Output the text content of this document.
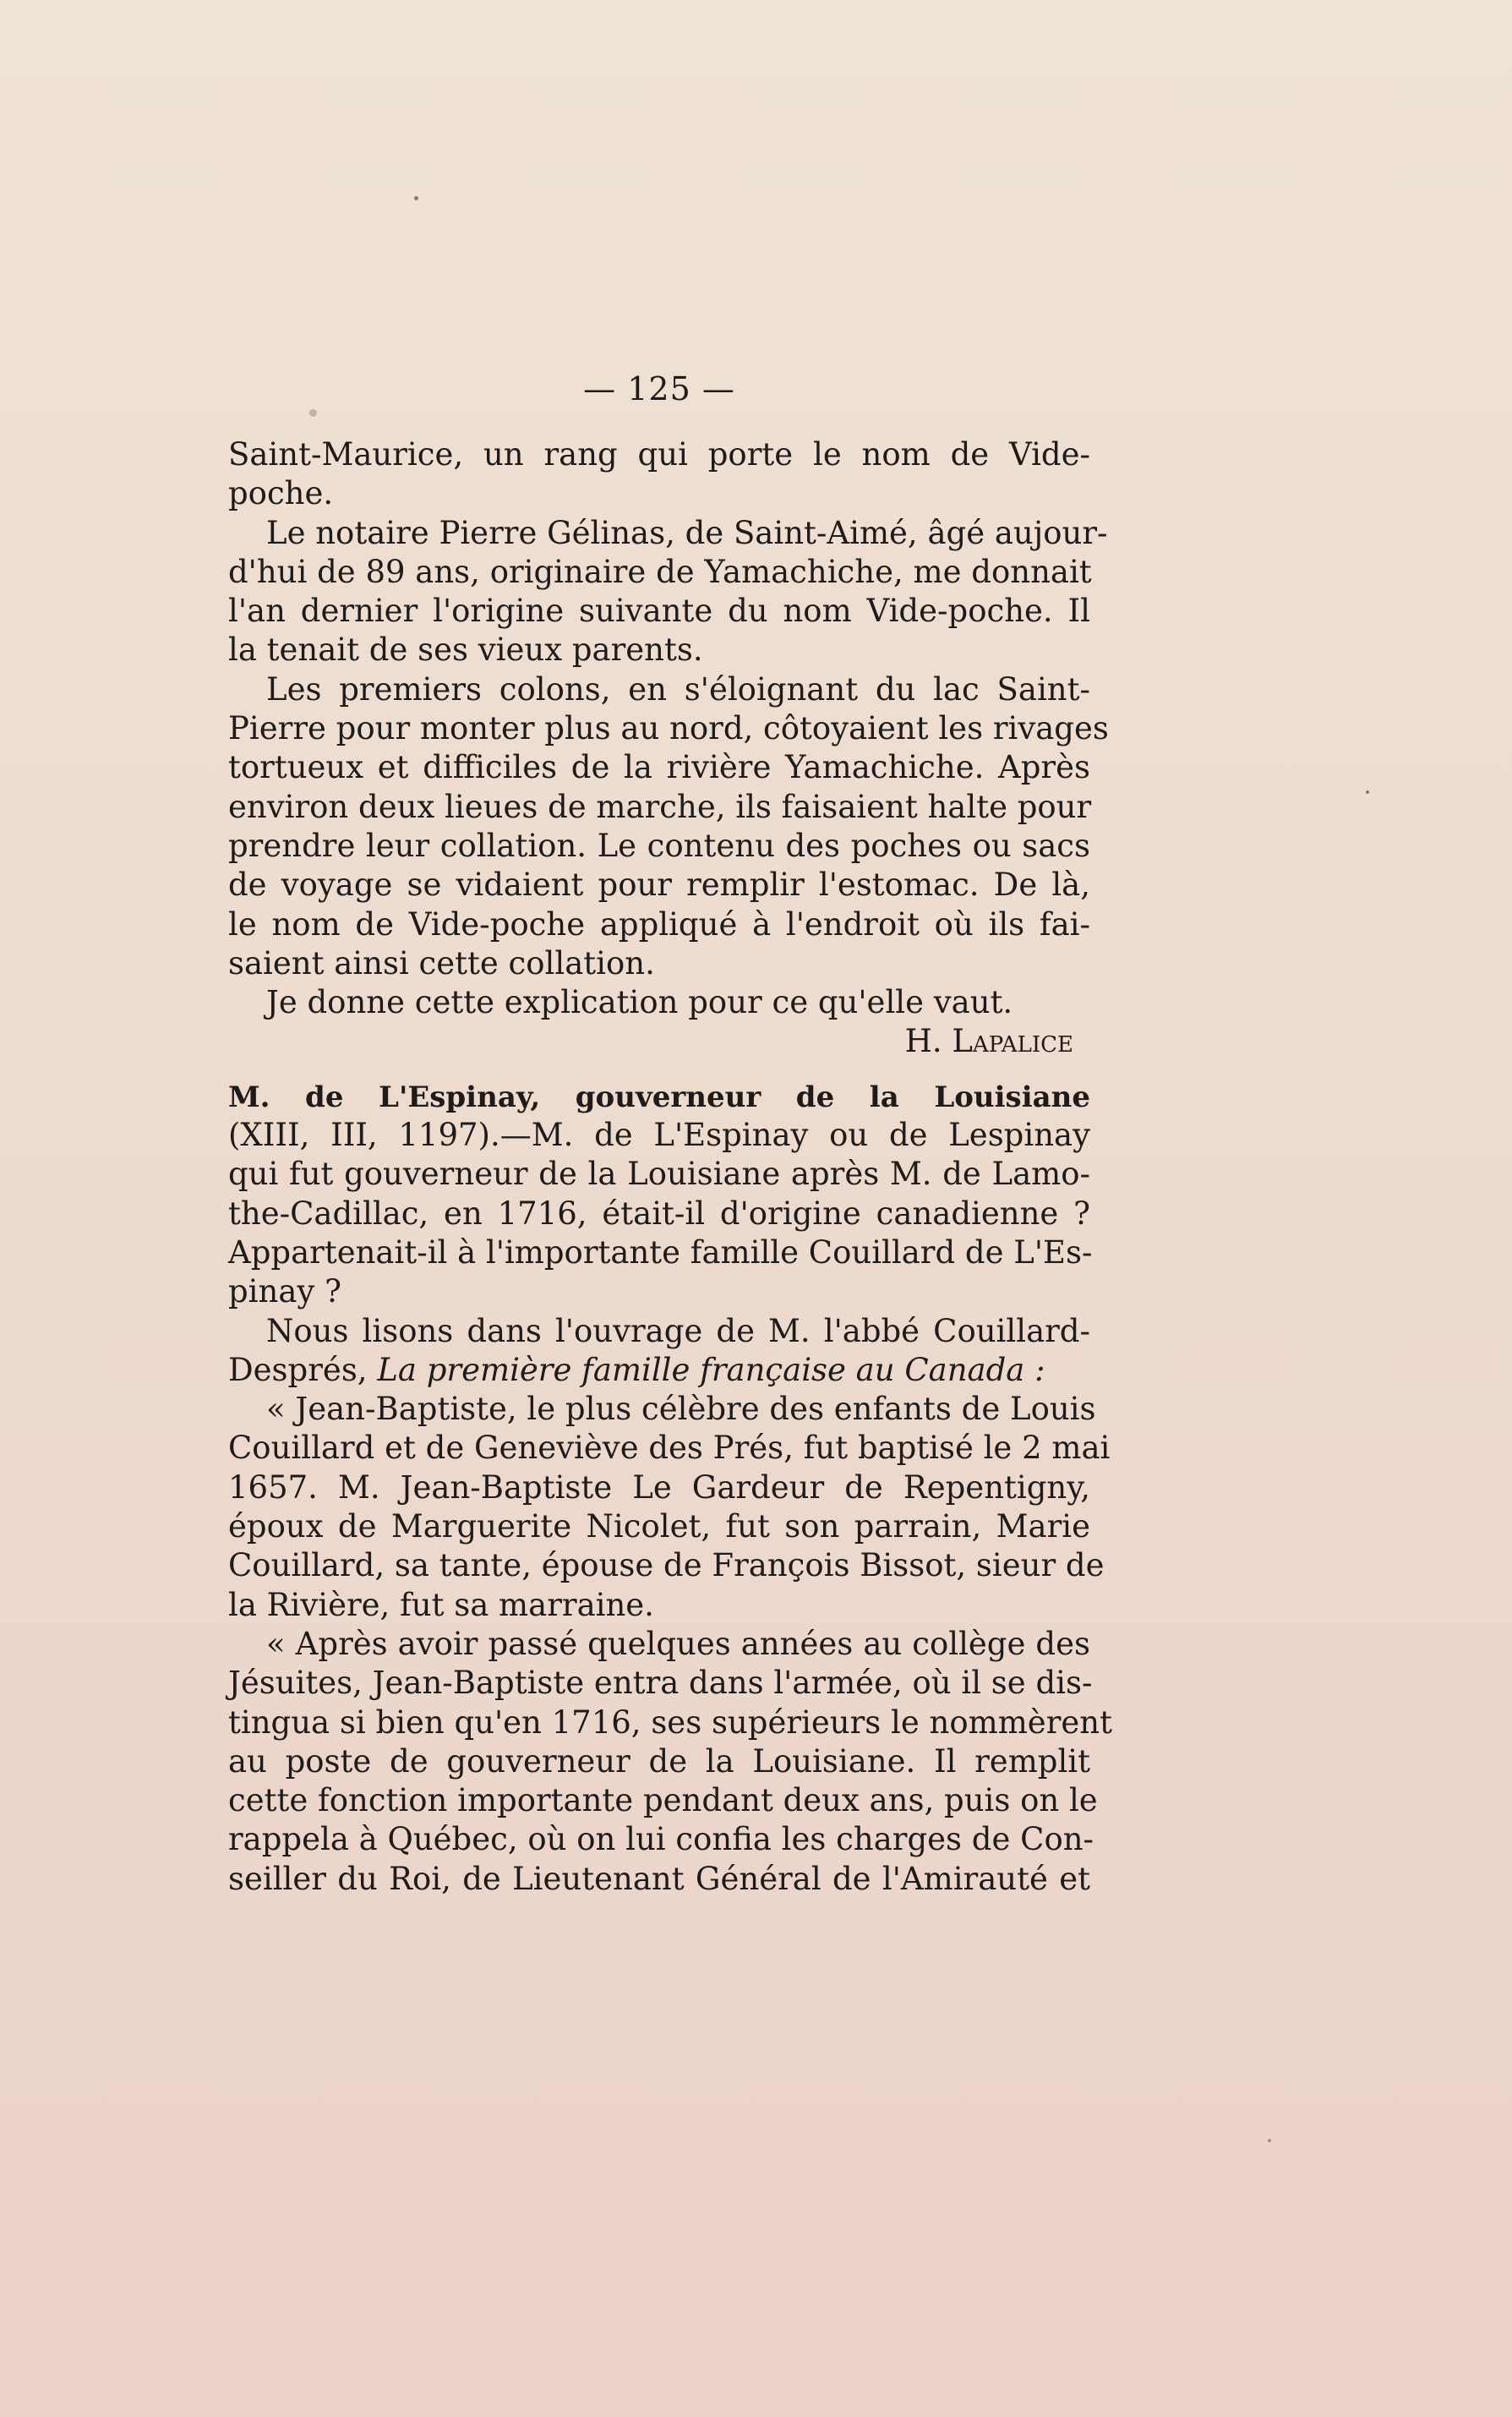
— 125 —
Saint-Maurice, un rang qui porte le nom de Vide-
poche.
Le notaire Pierre Gélinas, de Saint-Aimé, âgé aujour-
d'hui de 89 ans, originaire de Yamachiche, me donnait
l'an dernier l'origine suivante du nom Vide-poche. Il
la tenait de ses vieux parents.
Les premiers colons, en s'éloignant du lac Saint-
Pierre pour monter plus au nord, côtoyaient les rivages
tortueux et difficiles de la rivière Yamachiche. Après
environ deux lieues de marche, ils faisaient halte pour
prendre leur collation. Le contenu des poches ou sacs
de voyage se vidaient pour remplir l'estomac. De là,
le nom de Vide-poche appliqué à l'endroit où ils fai-
saient ainsi cette collation.
Je donne cette explication pour ce qu'elle vaut.
H. Lapalice
M. de L'Espinay, gouverneur de la Louisiane
(XIII, III, 1197).—M. de L'Espinay ou de Lespinay
qui fut gouverneur de la Louisiane après M. de Lamo-
the-Cadillac, en 1716, était-il d'origine canadienne ?
Appartenait-il à l'importante famille Couillard de L'Es-
pinay ?
Nous lisons dans l'ouvrage de M. l'abbé Couillard-
Després, La première famille française au Canada :
« Jean-Baptiste, le plus célèbre des enfants de Louis
Couillard et de Geneviève des Prés, fut baptisé le 2 mai
1657. M. Jean-Baptiste Le Gardeur de Repentigny,
époux de Marguerite Nicolet, fut son parrain, Marie
Couillard, sa tante, épouse de François Bissot, sieur de
la Rivière, fut sa marraine.
« Après avoir passé quelques années au collège des
Jésuites, Jean-Baptiste entra dans l'armée, où il se dis-
tingua si bien qu'en 1716, ses supérieurs le nommèrent
au poste de gouverneur de la Louisiane. Il remplit
cette fonction importante pendant deux ans, puis on le
rappela à Québec, où on lui confia les charges de Con-
seiller du Roi, de Lieutenant Général de l'Amirauté et
